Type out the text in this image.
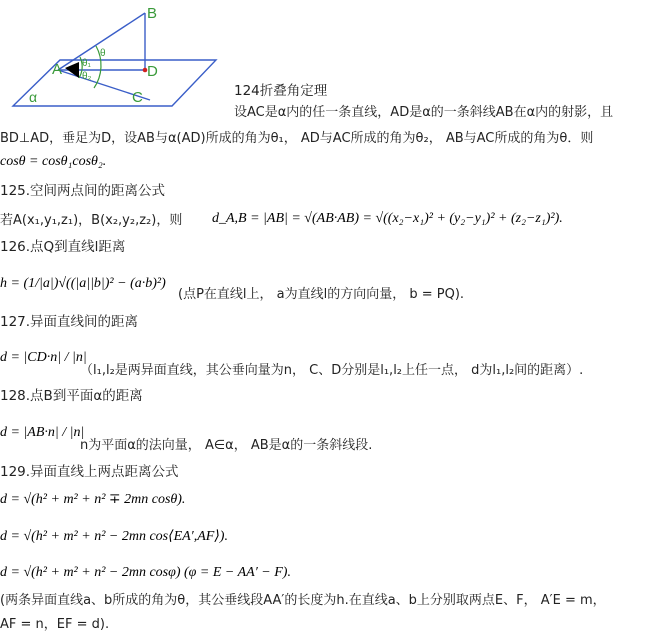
B
A	D
C
α
θ
θ₁
θ₂
124折叠角定理
设AC是α内的任一条直线，AD是α的一条斜线AB在α内的射影，且
BD⊥AD，垂足为D，设AB与α(AD)所成的角为θ₁， AD与AC所成的角为θ₂， AB与AC所成的角为θ．则
cosθ = cosθ₁cosθ₂.
125.空间两点间的距离公式
若A(x₁,y₁,z₁)，B(x₂,y₂,z₂)，则 d_A,B = |AB| = √(AB·AB) = √((x₂−x₁)² + (y₂−y₁)² + (z₂−z₁)²).
126.点Q到直线l距离
h = (1/|a|)√((|a||b|)² − (a·b)²)
(点P在直线l上， a为直线l的方向向量， b = PQ).
127.异面直线间的距离
d = |CD·n| / |n|
（l₁,l₂是两异面直线，其公垂向量为n， C、D分别是l₁,l₂上任一点， d为l₁,l₂间的距离）.
128.点B到平面α的距离
d = |AB·n| / |n|
n为平面α的法向量， A∈α， AB是α的一条斜线段.
129.异面直线上两点距离公式
d = √(h² + m² + n² ∓ 2mn cosθ).
d = √(h² + m² + n² − 2mn cos⟨EA′,AF⟩).
d = √(h² + m² + n² − 2mn cosφ) (φ = E − AA′ − F).
(两条异面直线a、b所成的角为θ，其公垂线段AA′的长度为h.在直线a、b上分别取两点E、F， A′E = m，
AF = n，EF = d).
